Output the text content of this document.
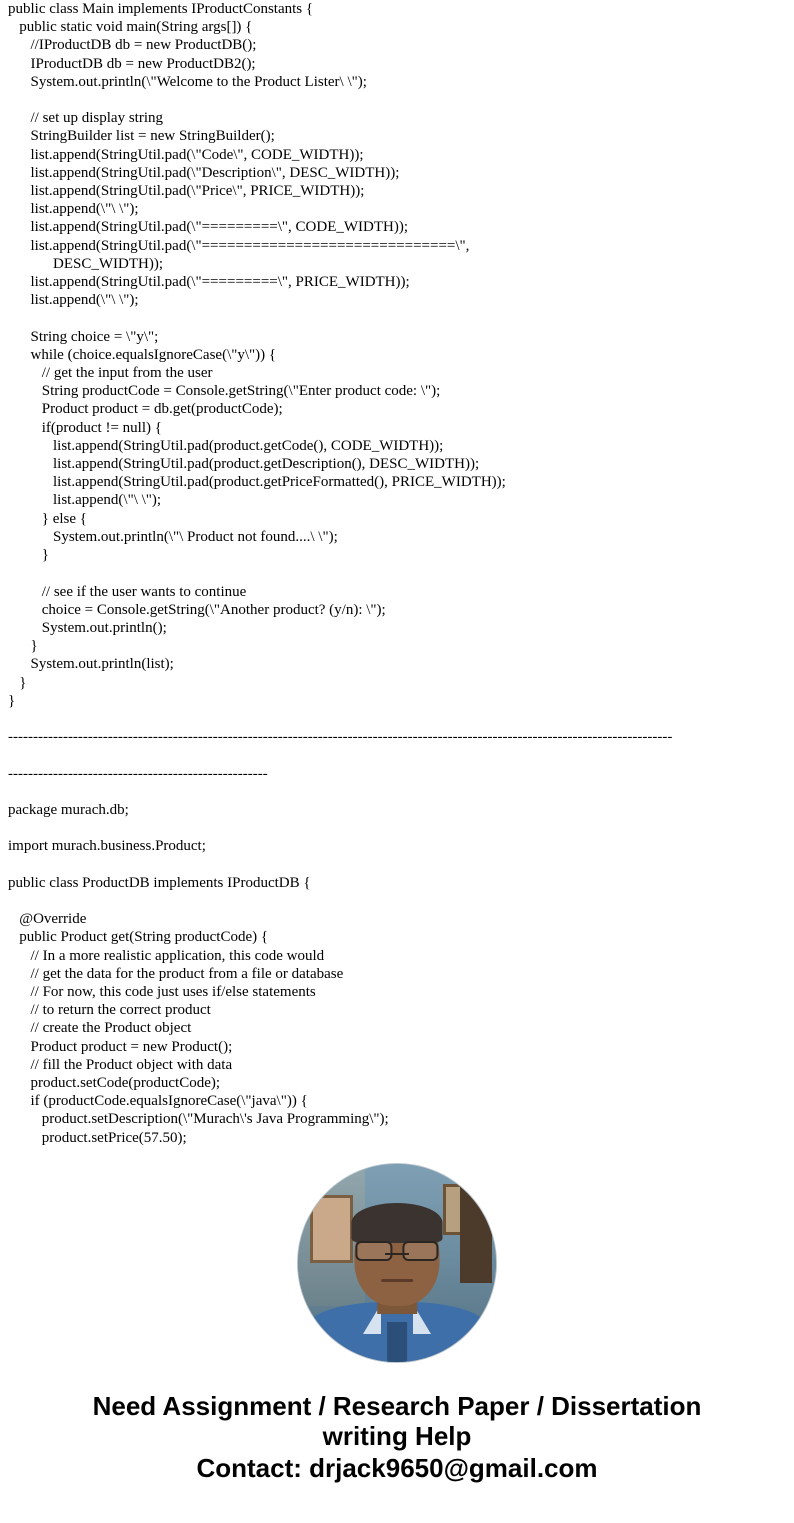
public class Main implements IProductConstants {
public static void main(String args[]) {
//IProductDB db = new ProductDB();
IProductDB db = new ProductDB2();
System.out.println(\"Welcome to the Product Lister\ \");

// set up display string
StringBuilder list = new StringBuilder();
list.append(StringUtil.pad(\"Code\", CODE_WIDTH));
list.append(StringUtil.pad(\"Description\", DESC_WIDTH));
list.append(StringUtil.pad(\"Price\", PRICE_WIDTH));
list.append(\"\ \");
list.append(StringUtil.pad(\"=========\", CODE_WIDTH));
list.append(StringUtil.pad(\"==============================\",
DESC_WIDTH));
list.append(StringUtil.pad(\"=========\", PRICE_WIDTH));
list.append(\"\ \");

String choice = \"y\";
while (choice.equalsIgnoreCase(\"y\")) {
// get the input from the user
String productCode = Console.getString(\"Enter product code: \");
Product product = db.get(productCode);
if(product != null) {
list.append(StringUtil.pad(product.getCode(), CODE_WIDTH));
list.append(StringUtil.pad(product.getDescription(), DESC_WIDTH));
list.append(StringUtil.pad(product.getPriceFormatted(), PRICE_WIDTH));
list.append(\"\ \");
} else {
System.out.println(\"\ Product not found....\ \");
}

// see if the user wants to continue
choice = Console.getString(\"Another product? (y/n): \");
System.out.println();
}
System.out.println(list);
}
}
-------------------------------------------------------------------------------------------------------------------------------------
----------------------------------------------------
package murach.db;

import murach.business.Product;

public class ProductDB implements IProductDB {

@Override
public Product get(String productCode) {
// In a more realistic application, this code would
// get the data for the product from a file or database
// For now, this code just uses if/else statements
// to return the correct product
// create the Product object
Product product = new Product();
// fill the Product object with data
product.setCode(productCode);
if (productCode.equalsIgnoreCase(\"java\")) {
product.setDescription(\"Murach\'s Java Programming\");
product.setPrice(57.50);
Need Assignment / Research Paper / Dissertation
writing Help
Contact: drjack9650@gmail.com
